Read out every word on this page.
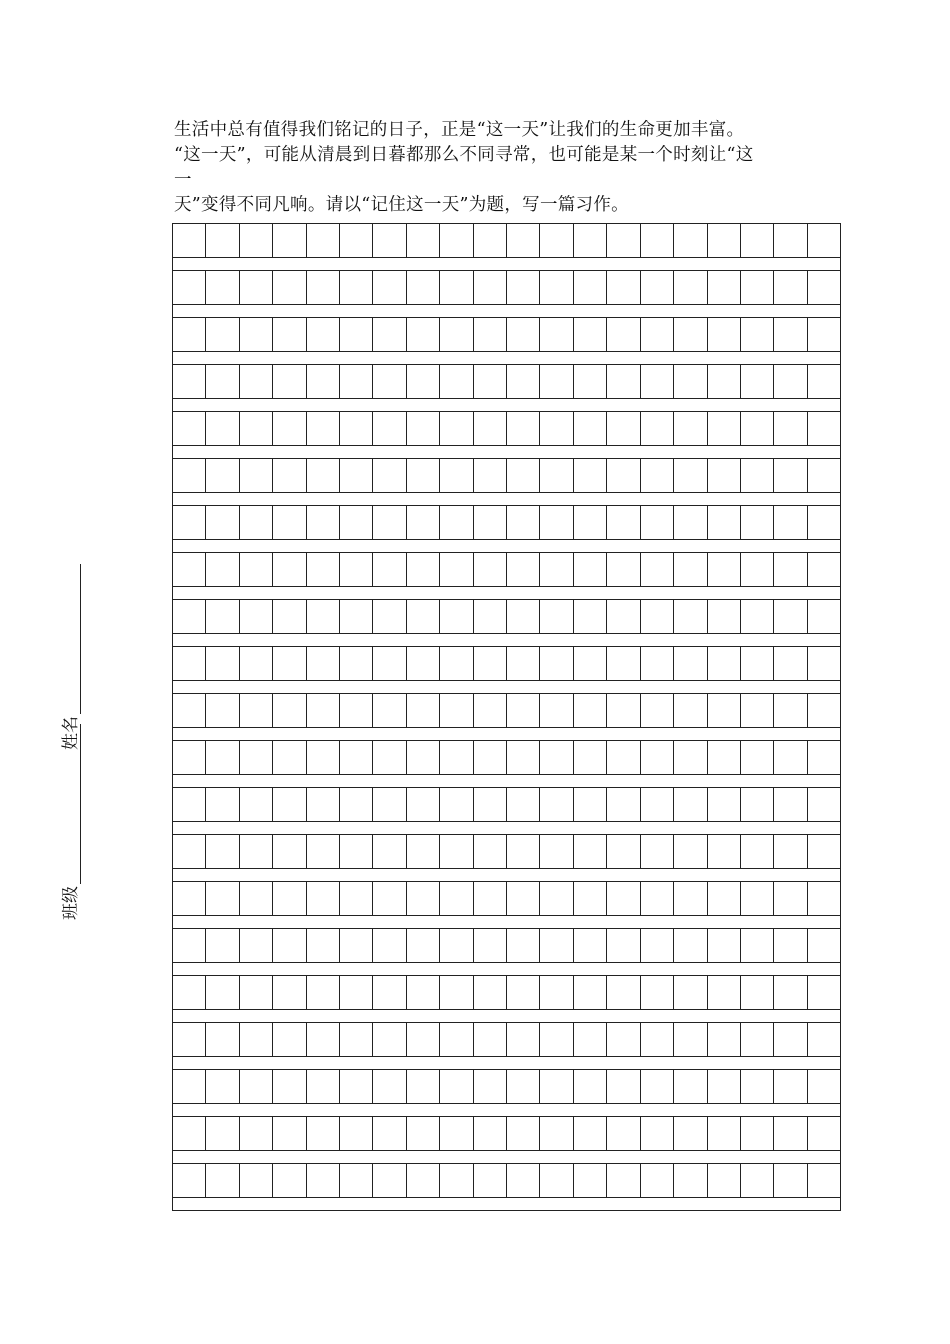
生活中总有值得我们铭记的日子，正是“这一天”让我们的生命更加丰富。
“这一天”，可能从清晨到日暮都那么不同寻常，也可能是某一个时刻让“这
一
天”变得不同凡响。请以“记住这一天”为题，写一篇习作。
班级
姓名
